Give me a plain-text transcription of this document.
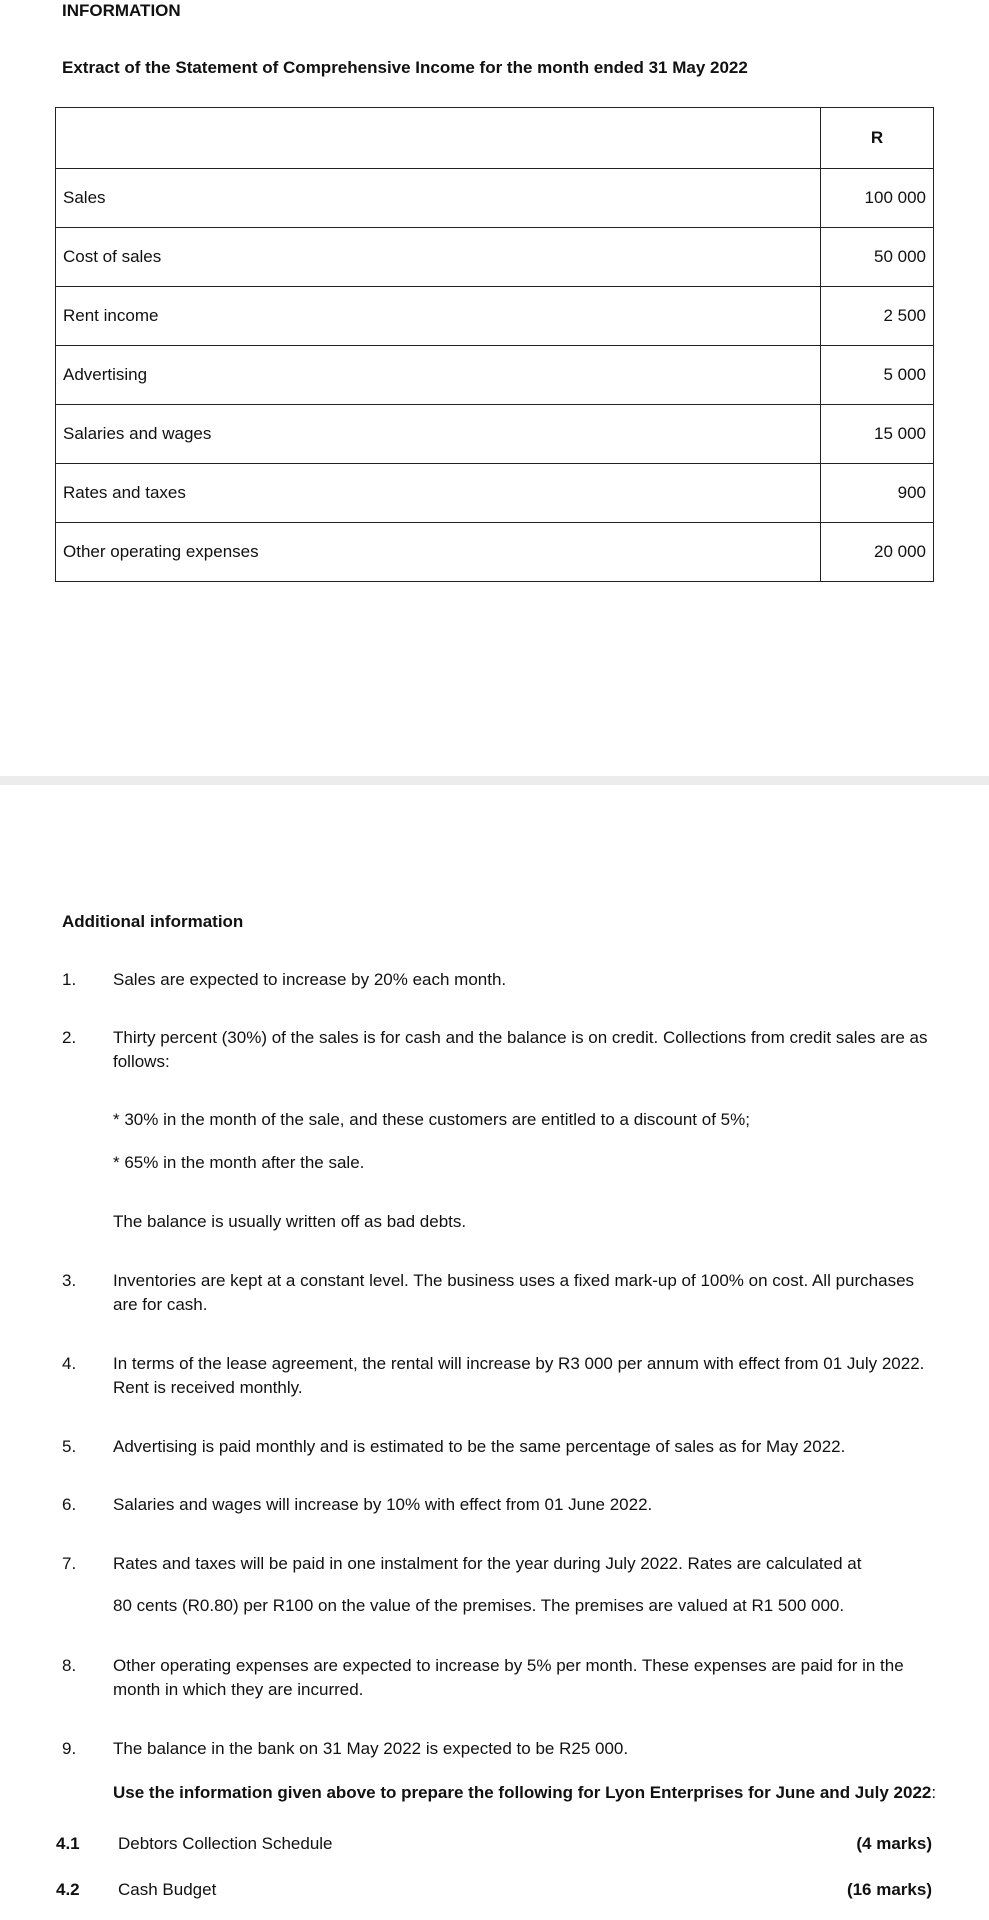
INFORMATION
Extract of the Statement of Comprehensive Income for the month ended 31 May 2022
	R
Sales	100 000
Cost of sales	50 000
Rent income	2 500
Advertising	5 000
Salaries and wages	15 000
Rates and taxes	900
Other operating expenses	20 000
Additional information
1.	Sales are expected to increase by 20% each month.
2.	Thirty percent (30%) of the sales is for cash and the balance is on credit. Collections from credit sales are as follows:
* 30% in the month of the sale, and these customers are entitled to a discount of 5%;
* 65% in the month after the sale.
The balance is usually written off as bad debts.
3.	Inventories are kept at a constant level. The business uses a fixed mark-up of 100% on cost. All purchases are for cash.
4.	In terms of the lease agreement, the rental will increase by R3 000 per annum with effect from 01 July 2022. Rent is received monthly.
5.	Advertising is paid monthly and is estimated to be the same percentage of sales as for May 2022.
6.	Salaries and wages will increase by 10% with effect from 01 June 2022.
7.	Rates and taxes will be paid in one instalment for the year during July 2022. Rates are calculated at
80 cents (R0.80) per R100 on the value of the premises. The premises are valued at R1 500 000.
8.	Other operating expenses are expected to increase by 5% per month. These expenses are paid for in the month in which they are incurred.
9.	The balance in the bank on 31 May 2022 is expected to be R25 000.
Use the information given above to prepare the following for Lyon Enterprises for June and July 2022:
4.1 Debtors Collection Schedule	(4 marks)
4.2 Cash Budget	(16 marks)
